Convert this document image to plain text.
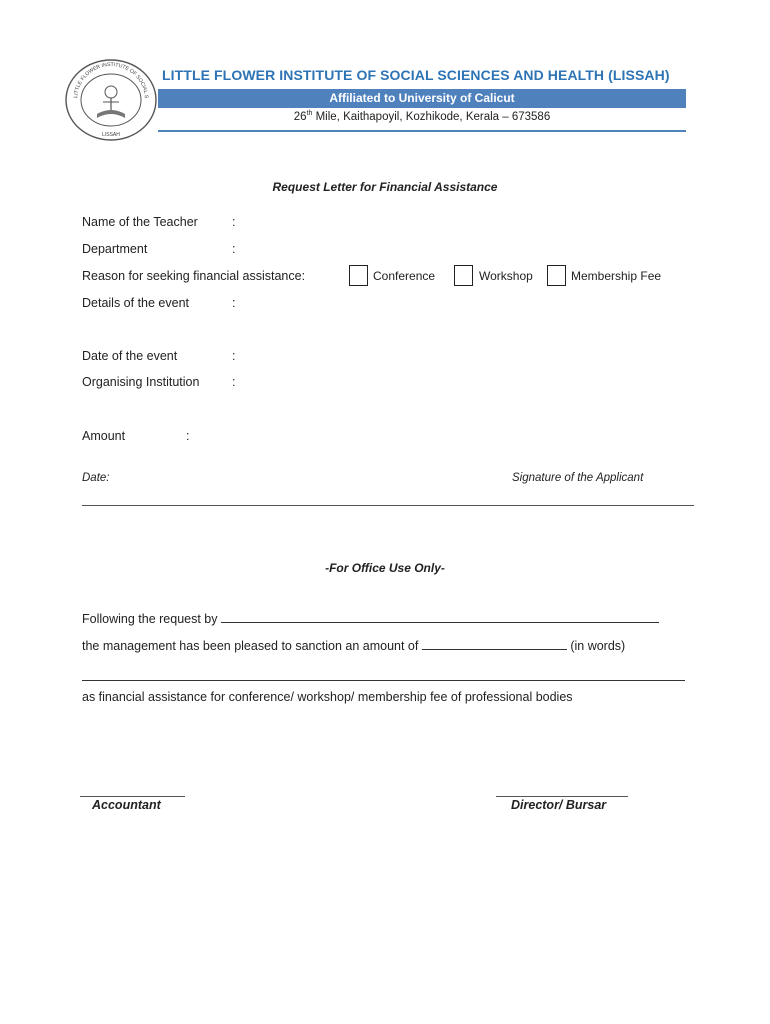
LITTLE FLOWER INSTITUTE OF SOCIAL S
LISSAH
LITTLE FLOWER INSTITUTE OF SOCIAL SCIENCES AND HEALTH (LISSAH)
Affiliated to University of Calicut
26th Mile, Kaithapoyil, Kozhikode, Kerala – 673586
Request Letter for Financial Assistance
Name of the Teacher	:
Department	:
Reason for seeking financial assistance:	Conference	Workshop	Membership Fee
Details of the event	:
Date of the event	:
Organising Institution	:
Amount	:
Date:	Signature of the Applicant
-For Office Use Only-
Following the request by
the management has been pleased to sanction an amount of	(in words)
as financial assistance for conference/ workshop/ membership fee of professional bodies
Accountant	Director/ Bursar
